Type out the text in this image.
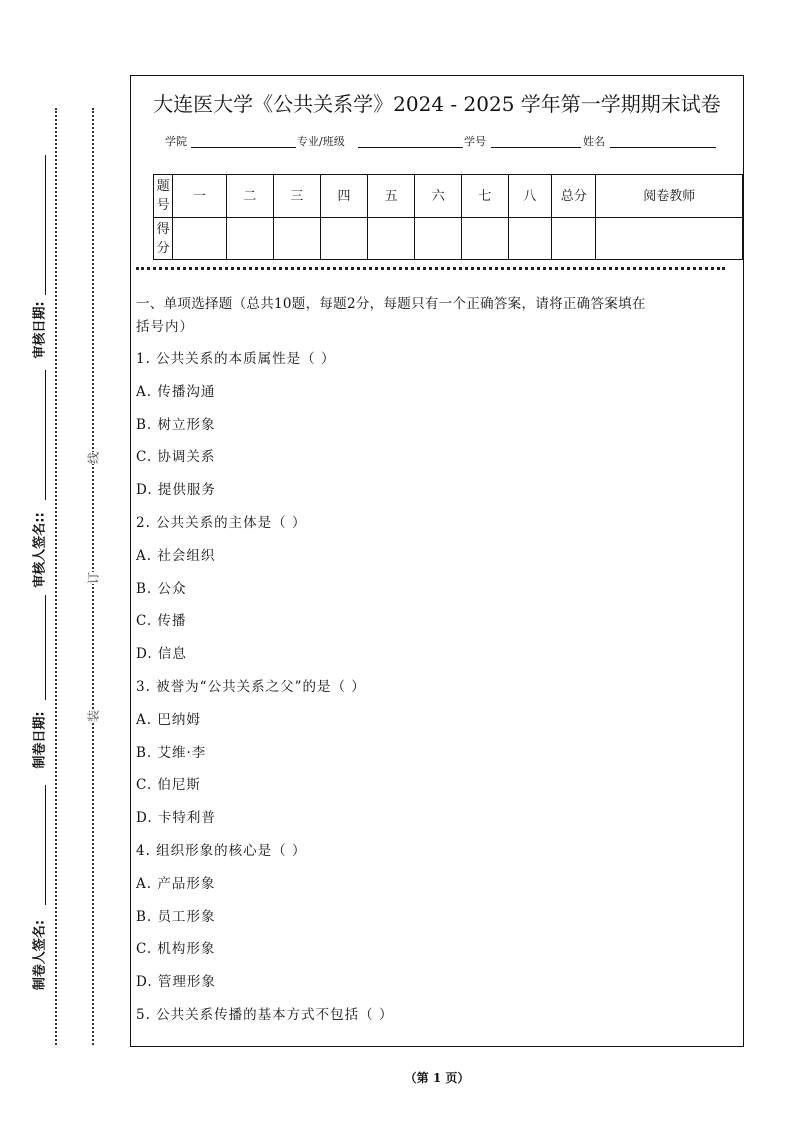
审核日期:
审核人签名::
制卷日期:
制卷人签名:
线
订
装
大连医大学《公共关系学》2024 - 2025 学年第一学期期末试卷
学院	专业/班级	学号	姓名
题号	一	二	三	四	五	六	七	八	总分	阅卷教师
得分										
一、单项选择题（总共10题，每题2分，每题只有一个正确答案，请将正确答案填在
括号内）
1. 公共关系的本质属性是（ ）
A. 传播沟通
B. 树立形象
C. 协调关系
D. 提供服务
2. 公共关系的主体是（ ）
A. 社会组织
B. 公众
C. 传播
D. 信息
3. 被誉为“公共关系之父”的是（ ）
A. 巴纳姆
B. 艾维·李
C. 伯尼斯
D. 卡特利普
4. 组织形象的核心是（ ）
A. 产品形象
B. 员工形象
C. 机构形象
D. 管理形象
5. 公共关系传播的基本方式不包括（ ）
（第 1 页）
